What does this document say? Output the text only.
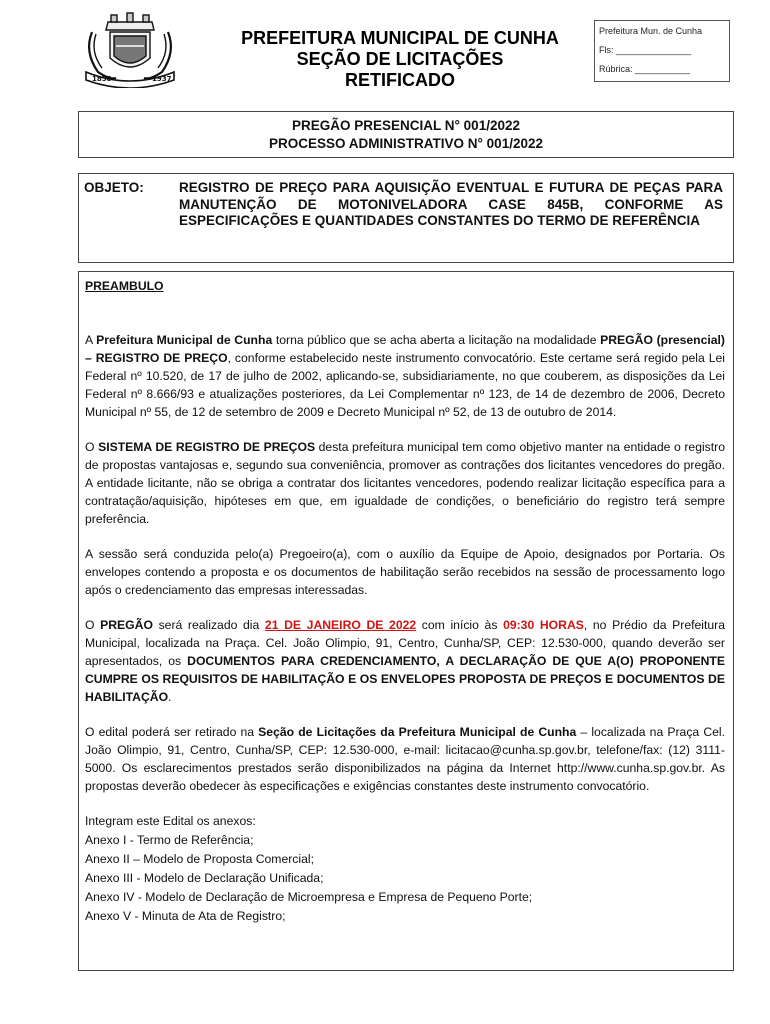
1858	1937
PREFEITURA MUNICIPAL DE CUNHA
SEÇÃO DE LICITAÇÕES
RETIFICADO
Prefeitura Mun. de Cunha
Fls: _______________
Rúbrica: ___________
PREGÃO PRESENCIAL N° 001/2022
PROCESSO ADMINISTRATIVO N° 001/2022
OBJETO:	REGISTRO DE PREÇO PARA AQUISIÇÃO EVENTUAL E FUTURA DE PEÇAS PARA MANUTENÇÃO DE MOTONIVELADORA CASE 845B, CONFORME AS ESPECIFICAÇÕES E QUANTIDADES CONSTANTES DO TERMO DE REFERÊNCIA
PREAMBULO

A Prefeitura Municipal de Cunha torna público que se acha aberta a licitação na modalidade PREGÃO (presencial) – REGISTRO DE PREÇO, conforme estabelecido neste instrumento convocatório. Este certame será regido pela Lei Federal nº 10.520, de 17 de julho de 2002, aplicando-se, subsidiariamente, no que couberem, as disposições da Lei Federal nº 8.666/93 e atualizações posteriores, da Lei Complementar nº 123, de 14 de dezembro de 2006, Decreto Municipal nº 55, de 12 de setembro de 2009 e Decreto Municipal nº 52, de 13 de outubro de 2014.

O SISTEMA DE REGISTRO DE PREÇOS desta prefeitura municipal tem como objetivo manter na entidade o registro de propostas vantajosas e, segundo sua conveniência, promover as contrações dos licitantes vencedores do pregão. A entidade licitante, não se obriga a contratar dos licitantes vencedores, podendo realizar licitação específica para a contratação/aquisição, hipóteses em que, em igualdade de condições, o beneficiário do registro terá sempre preferência.

A sessão será conduzida pelo(a) Pregoeiro(a), com o auxílio da Equipe de Apoio, designados por Portaria. Os envelopes contendo a proposta e os documentos de habilitação serão recebidos na sessão de processamento logo após o credenciamento das empresas interessadas.

O PREGÃO será realizado dia 21 DE JANEIRO DE 2022 com início às 09:30 HORAS, no Prédio da Prefeitura Municipal, localizada na Praça. Cel. João Olimpio, 91, Centro, Cunha/SP, CEP: 12.530-000, quando deverão ser apresentados, os DOCUMENTOS PARA CREDENCIAMENTO, A DECLARAÇÃO DE QUE A(O) PROPONENTE CUMPRE OS REQUISITOS DE HABILITAÇÃO E OS ENVELOPES PROPOSTA DE PREÇOS E DOCUMENTOS DE HABILITAÇÃO.

O edital poderá ser retirado na Seção de Licitações da Prefeitura Municipal de Cunha – localizada na Praça Cel. João Olimpio, 91, Centro, Cunha/SP, CEP: 12.530-000, e-mail: licitacao@cunha.sp.gov.br, telefone/fax: (12) 3111-5000. Os esclarecimentos prestados serão disponibilizados na página da Internet http://www.cunha.sp.gov.br. As propostas deverão obedecer às especificações e exigências constantes deste instrumento convocatório.

Integram este Edital os anexos:
Anexo I - Termo de Referência;
Anexo II – Modelo de Proposta Comercial;
Anexo III - Modelo de Declaração Unificada;
Anexo IV - Modelo de Declaração de Microempresa e Empresa de Pequeno Porte;
Anexo V - Minuta de Ata de Registro;
